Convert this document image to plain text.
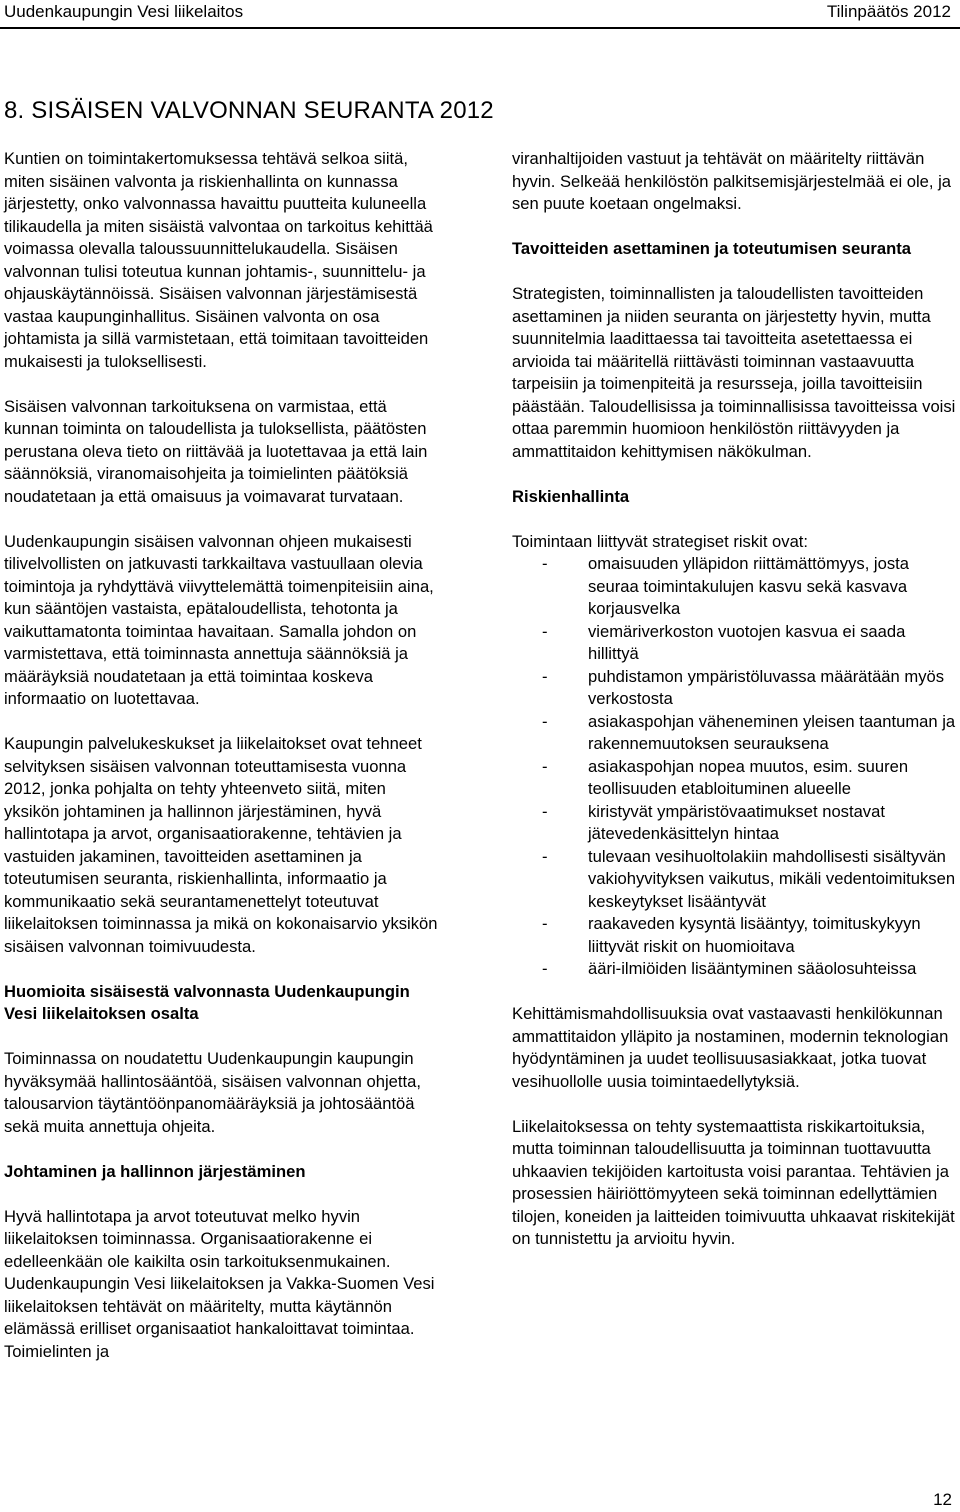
Uudenkaupungin Vesi liikelaitos	Tilinpäätös 2012
8. SISÄISEN VALVONNAN SEURANTA 2012

Kuntien on toimintakertomuksessa tehtävä selkoa siitä, miten sisäinen valvonta ja riskienhallinta on kunnassa järjestetty, onko valvonnassa havaittu puutteita kuluneella tilikaudella ja miten sisäistä valvontaa on tarkoitus kehittää voimassa olevalla taloussuunnittelukaudella. Sisäisen valvonnan tulisi toteutua kunnan johtamis-, suunnittelu- ja ohjauskäytännöissä. Sisäisen valvonnan järjestämisestä vastaa kaupunginhallitus. Sisäinen valvonta on osa johtamista ja sillä varmistetaan, että toimitaan tavoitteiden mukaisesti ja tuloksellisesti.

Sisäisen valvonnan tarkoituksena on varmistaa, että kunnan toiminta on taloudellista ja tuloksellista, päätösten perustana oleva tieto on riittävää ja luotettavaa ja että lain säännöksiä, viranomaisohjeita ja toimielinten päätöksiä noudatetaan ja että omaisuus ja voimavarat turvataan.

Uudenkaupungin sisäisen valvonnan ohjeen mukaisesti tilivelvollisten on jatkuvasti tarkkailtava vastuullaan olevia toimintoja ja ryhdyttävä viivyttelemättä toimenpiteisiin aina, kun sääntöjen vastaista, epätaloudellista, tehotonta ja vaikuttamatonta toimintaa havaitaan. Samalla johdon on varmistettava, että toiminnasta annettuja säännöksiä ja määräyksiä noudatetaan ja että toimintaa koskeva informaatio on luotettavaa.

Kaupungin palvelukeskukset ja liikelaitokset ovat tehneet selvityksen sisäisen valvonnan toteuttamisesta vuonna 2012, jonka pohjalta on tehty yhteenveto siitä, miten yksikön johtaminen ja hallinnon järjestäminen, hyvä hallintotapa ja arvot, organisaatiorakenne, tehtävien ja vastuiden jakaminen, tavoitteiden asettaminen ja toteutumisen seuranta, riskienhallinta, informaatio ja kommunikaatio sekä seurantamenettelyt toteutuvat liikelaitoksen toiminnassa ja mikä on kokonaisarvio yksikön sisäisen valvonnan toimivuudesta.

Huomioita sisäisestä valvonnasta Uudenkaupungin Vesi liikelaitoksen osalta

Toiminnassa on noudatettu Uudenkaupungin kaupungin hyväksymää hallintosääntöä, sisäisen valvonnan ohjetta, talousarvion täytäntöönpanomääräyksiä ja johtosääntöä sekä muita annettuja ohjeita.

Johtaminen ja hallinnon järjestäminen

Hyvä hallintotapa ja arvot toteutuvat melko hyvin liikelaitoksen toiminnassa. Organisaatiorakenne ei edelleenkään ole kaikilta osin tarkoituksenmukainen. Uudenkaupungin Vesi liikelaitoksen ja Vakka-Suomen Vesi liikelaitoksen tehtävät on määritelty, mutta käytännön elämässä erilliset organisaatiot hankaloittavat toimintaa. Toimielinten ja

viranhaltijoiden vastuut ja tehtävät on määritelty riittävän hyvin. Selkeää henkilöstön palkitsemisjärjestelmää ei ole, ja sen puute koetaan ongelmaksi.

Tavoitteiden asettaminen ja toteutumisen seuranta

Strategisten, toiminnallisten ja taloudellisten tavoitteiden asettaminen ja niiden seuranta on järjestetty hyvin, mutta suunnitelmia laadittaessa tai tavoitteita asetettaessa ei arvioida tai määritellä riittävästi toiminnan vastaavuutta tarpeisiin ja toimenpiteitä ja resursseja, joilla tavoitteisiin päästään. Taloudellisissa ja toiminnallisissa tavoitteissa voisi ottaa paremmin huomioon henkilöstön riittävyyden ja ammattitaidon kehittymisen näkökulman.

Riskienhallinta

Toimintaan liittyvät strategiset riskit ovat:

- omaisuuden ylläpidon riittämättömyys, josta seuraa toimintakulujen kasvu sekä kasvava korjausvelka
- viemäriverkoston vuotojen kasvua ei saada hillittyä
- puhdistamon ympäristöluvassa määrätään myös verkostosta
- asiakaspohjan väheneminen yleisen taantuman ja rakennemuutoksen seurauksena
- asiakaspohjan nopea muutos, esim. suuren teollisuuden etabloituminen alueelle
- kiristyvät ympäristövaatimukset nostavat jätevedenkäsittelyn hintaa
- tulevaan vesihuoltolakiin mahdollisesti sisältyvän vakiohyvityksen vaikutus, mikäli vedentoimituksen keskeytykset lisääntyvät
- raakaveden kysyntä lisääntyy, toimituskykyyn liittyvät riskit on huomioitava
- ääri-ilmiöiden lisääntyminen sääolosuhteissa

Kehittämismahdollisuuksia ovat vastaavasti henkilökunnan ammattitaidon ylläpito ja nostaminen, modernin teknologian hyödyntäminen ja uudet teollisuusasiakkaat, jotka tuovat vesihuollolle uusia toimintaedellytyksiä.

Liikelaitoksessa on tehty systemaattista riskikartoituksia, mutta toiminnan taloudellisuutta ja toiminnan tuottavuutta uhkaavien tekijöiden kartoitusta voisi parantaa. Tehtävien ja prosessien häiriöttömyyteen sekä toiminnan edellyttämien tilojen, koneiden ja laitteiden toimivuutta uhkaavat riskitekijät on tunnistettu ja arvioitu hyvin.

12
